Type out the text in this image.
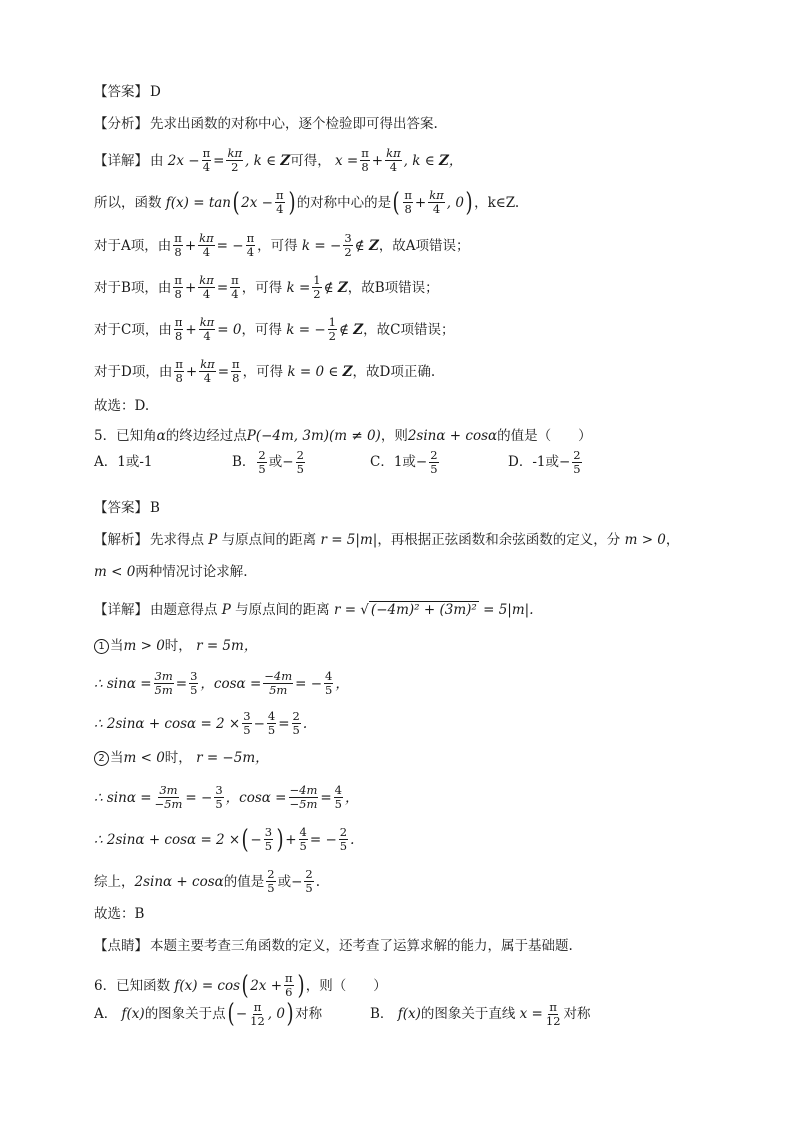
【答案】 D
【分析】 先求出函数的对称中心，逐个检验即可得出答案.
【详解】 由 $2x - \frac{\pi}{4} = \frac{k\pi}{2}$ , k ∈ Z 可得， $x = \frac{\pi}{8} + \frac{k\pi}{4}$ , k ∈ Z，
所以，函数 f(x) = tan ( $2x - \frac{\pi}{4}$ ) 的对称中心的是 ( $\frac{\pi}{8} + \frac{k\pi}{4}$ , 0 ) ，k∈Z.
对于A项，由 $\frac{\pi}{8} + \frac{k\pi}{4}$ = − $\frac{\pi}{4}$ ，可得 k = − $\frac{3}{2}$ ∉ Z ，故A项错误；
对于B项，由 $\frac{\pi}{8} + \frac{k\pi}{4} = \frac{\pi}{4}$ ，可得 $k = \frac{1}{2}$ ∉ Z ，故B项错误；
对于C项，由 $\frac{\pi}{8} + \frac{k\pi}{4} = 0$ ，可得 k = − $\frac{1}{2}$ ∉ Z ，故C项错误；
对于D项，由 $\frac{\pi}{8} + \frac{k\pi}{4} = \frac{\pi}{8}$ ，可得 k = 0 ∈ Z ，故D项正确.
故选：D.
5．已知角 α 的终边经过点 P(−4m, 3m)(m ≠ 0) ，则 2sinα + cosα 的值是（　　）
A．1或-1	B． $\frac{2}{5}$ 或 − $\frac{2}{5}$	C．1或 − $\frac{2}{5}$	D．-1或 − $\frac{2}{5}$
【答案】 B
【解析】 先求得点 P 与原点间的距离 r = 5|m| ，再根据正弦函数和余弦函数的定义，分 m > 0 ，
m < 0 两种情况讨论求解.
【详解】 由题意得点 P 与原点间的距离 r = √ (−4m)² + (3m)² = 5|m|.
1 当 m > 0 时， r = 5m，
∴ $\sin\alpha = \frac{3m}{5m} = \frac{3}{5}$ ，$\cos\alpha = \frac{-4m}{5m}$ = − $\frac{4}{5}$ ，
∴ $2\sin\alpha + \cos\alpha = 2 \times \frac{3}{5} - \frac{4}{5} = \frac{2}{5}$ .
2 当 m < 0 时， r = −5m，
∴ $\sin\alpha = \frac{3m}{-5m}$ = − $\frac{3}{5}$ ，$\cos\alpha = \frac{-4m}{-5m} = \frac{4}{5}$ ，
∴ 2sinα + cosα = 2 × ( − $\frac{3}{5}$ ) + $\frac{4}{5}$ = − $\frac{2}{5}$ .
综上， 2sinα + cosα 的值是 $\frac{2}{5}$ 或 − $\frac{2}{5}$ .
故选：B
【点睛】 本题主要考查三角函数的定义，还考查了运算求解的能力，属于基础题.
6．已知函数 f(x) = cos ( $2x + \frac{\pi}{6}$ ) ，则（　　）
A． f(x) 的图象关于点 ( − $\frac{\pi}{12}$ , 0 ) 对称	B． f(x) 的图象关于直线 $x = \frac{\pi}{12}$ 对称
